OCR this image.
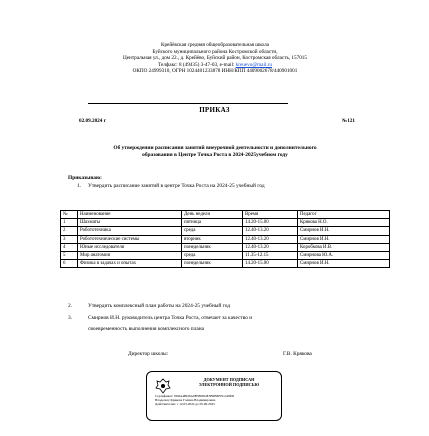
Крейёвская средняя общеобразовательная школа
Буйского муниципального района Костромской области,
Центральная ул., дом 22., д. Крейёво, Буйский район, Костромская область, 157015
Телфакс: 8 (49435) 3-47-03, e-mail: kreuevo@mail.ru
ОКПО 24999310, ОГРН 1024401233878 ИНН/КПП 4409002678/440901001
ПРИКАЗ
02.09.2024 г	№121
Об утверждении расписания занятий внеурочной деятельности и дополнительного
образования в Центре Точка Роста в 2024-2025учебном году
Приказываю:
1. Утвердить расписание занятий в центре Точка Роста на 2024-25 учебный год
№	Наименование	День недели	Время	Педагог
1	Шахматы	пятница	14.20-15.00	Крякова Н.О.
2	Робототехника	среда	12.40-13.20	Смирнов И.Н.
3	Робототехнические системы	вторник	12.40-13.20	Смирнов И.Н.
4	Юные исследователи	понедельник	12.40-13.20	Коробкова И.В.
5	Мир анатомии	среда	11.35-12.15	Смирнова Ю.А.
6	Физика в задачах и опытах	понедельник	14.20-15.00	Смирнов И.Н.
2.	Утвердить комплексный план работы на 2024-25 учебный год
3.	Смирнов И.Н. руководитель центра Точка Роста, отвечает за качество и
своевременность выполнения комплексного плана
Директор школы:	Г.В. Крякова
ДОКУМЕНТ ПОДПИСАН
ЭЛЕКТРОННОЙ ПОДПИСЬЮ
Сертификат: 00DA4BD6A0B5B0D4E3B9B6F0C2A8D0
Владелец: Крякова Галина Владимировна
Действителен: с 12.03.2024 до 05.06.2025
